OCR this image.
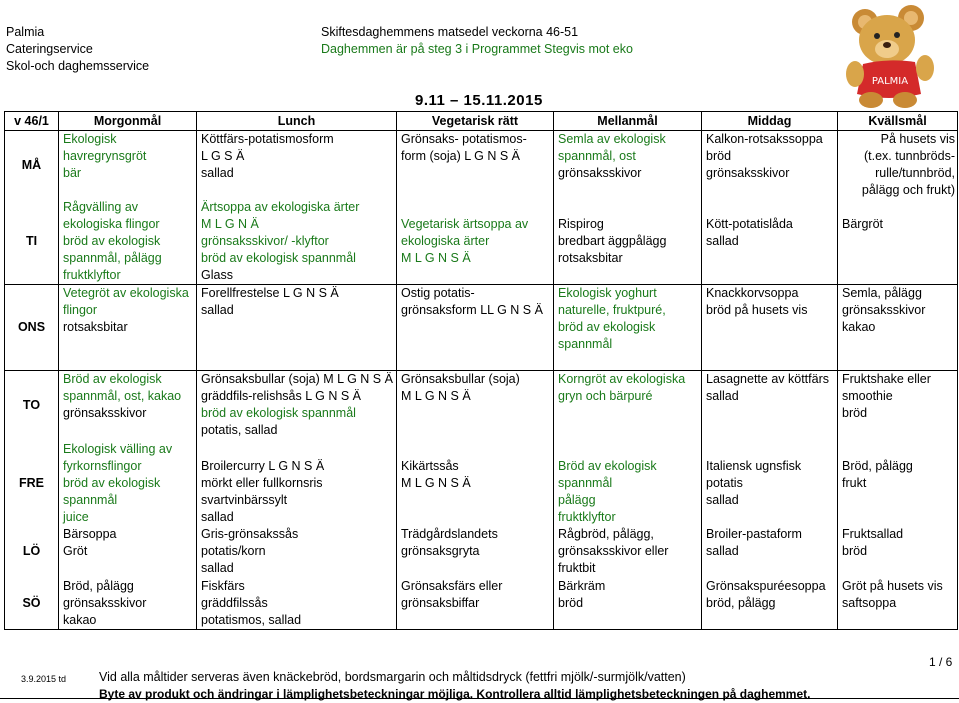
Palmia
Cateringservice
Skol-och daghemsservice
Skiftesdaghemmens matsedel veckorna 46-51
Daghemmen är på steg 3 i Programmet Stegvis mot eko
PALMIA
9.11 – 15.11.2015
v 46/1	Morgonmål	Lunch	Vegetarisk rätt	Mellanmål	Middag	Kvällsmål
MÅ	Ekologisk
havregrynsgröt
bär	Köttfärs-potatismosform
L G S Ä
sallad	Grönsaks- potatismos-
form (soja) L G N S Ä	Semla av ekologisk
spannmål, ost
grönsaksskivor	Kalkon-rotsakssoppa
bröd
grönsaksskivor	På husets vis
(t.ex. tunnbröds-
rulle/tunnbröd,
pålägg och frukt)

TI	Rågvälling av
ekologiska flingor
bröd av ekologisk
spannmål, pålägg
fruktklyftor	Ärtsoppa av ekologiska ärter
M L G N Ä
grönsaksskivor/ -klyftor
bröd av ekologisk spannmål
Glass	Vegetarisk ärtsoppa av
ekologiska ärter
M L G N S Ä	Rispirog
bredbart äggpålägg
rotsaksbitar	Kött-potatislåda
sallad	Bärgröt

ONS	Vetegröt av ekologiska
flingor
rotsaksbitar	Forellfrestelse L G N S Ä
sallad	Ostig potatis-
grönsaksform LL G N S Ä	Ekologisk yoghurt
naturelle, fruktpuré,
bröd av ekologisk
spannmål	Knackkorvsoppa
bröd på husets vis	Semla, pålägg
grönsaksskivor
kakao

TO	Bröd av ekologisk
spannmål, ost, kakao
grönsaksskivor	Grönsaksbullar (soja) M L G N S Ä
gräddfils-relishsås L G N S Ä
bröd av ekologisk spannmål
potatis, sallad	Grönsaksbullar (soja)
M L G N S Ä	Korngröt av ekologiska
gryn och bärpuré	Lasagnette av köttfärs
sallad	Fruktshake eller
smoothie
bröd

FRE	Ekologisk välling av
fyrkornsflingor
bröd av ekologisk
spannmål
juice	Broilercurry L G N S Ä
mörkt eller fullkornsris
svartvinbärssylt
sallad	Kikärtssås
M L G N S Ä	Bröd av ekologisk
spannmål
pålägg
fruktklyftor	Italiensk ugnsfisk
potatis
sallad	Bröd, pålägg
frukt

LÖ	Bärsoppa
Gröt	Gris-grönsakssås
potatis/korn
sallad	Trädgårdslandets
grönsaksgryta	Rågbröd, pålägg,
grönsaksskivor eller
fruktbit	Broiler-pastaform
sallad	Fruktsallad
bröd

SÖ	Bröd, pålägg
grönsaksskivor
kakao	Fiskfärs
gräddfilssås
potatismos, sallad	Grönsaksfärs eller
grönsaksbiffar	Bärkräm
bröd	Grönsakspuréesoppa
bröd, pålägg	Gröt på husets vis
saftsoppa
3.9.2015 td	Vid alla måltider serveras även knäckebröd, bordsmargarin och måltidsdryck (fettfri mjölk/-surmjölk/vatten)
Byte av produkt och ändringar i lämplighetsbeteckningar möjliga. Kontrollera alltid lämplighetsbeteckningen på daghemmet.
1 / 6
